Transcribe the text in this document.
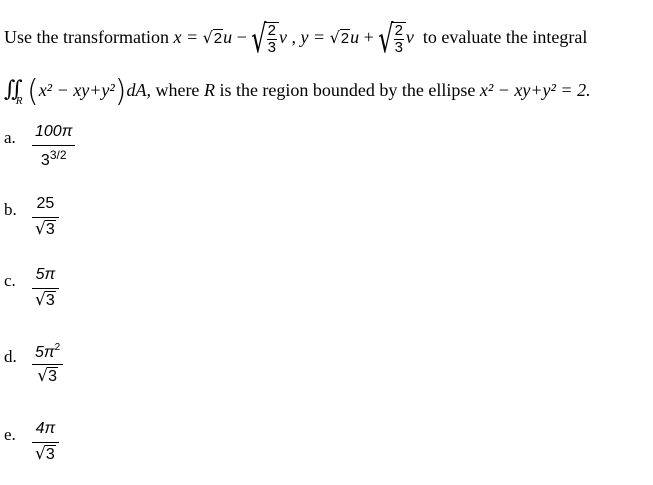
Use the transformation x = √2u − √ $\frac{2}{3}$ v , y = √2u + √ $\frac{2}{3}$ v to evaluate the integral
$∬_R$ (x² − xy+y²)dA, where R is the region bounded by the ellipse x² − xy+y² = 2.
a. $\frac{100\pi}{3^{3/2}}$
b. $\frac{25}{√3}$
c. $\frac{5\pi}{√3}$
d. $\frac{5\pi^2}{√3}$
e. $\frac{4\pi}{√3}$
